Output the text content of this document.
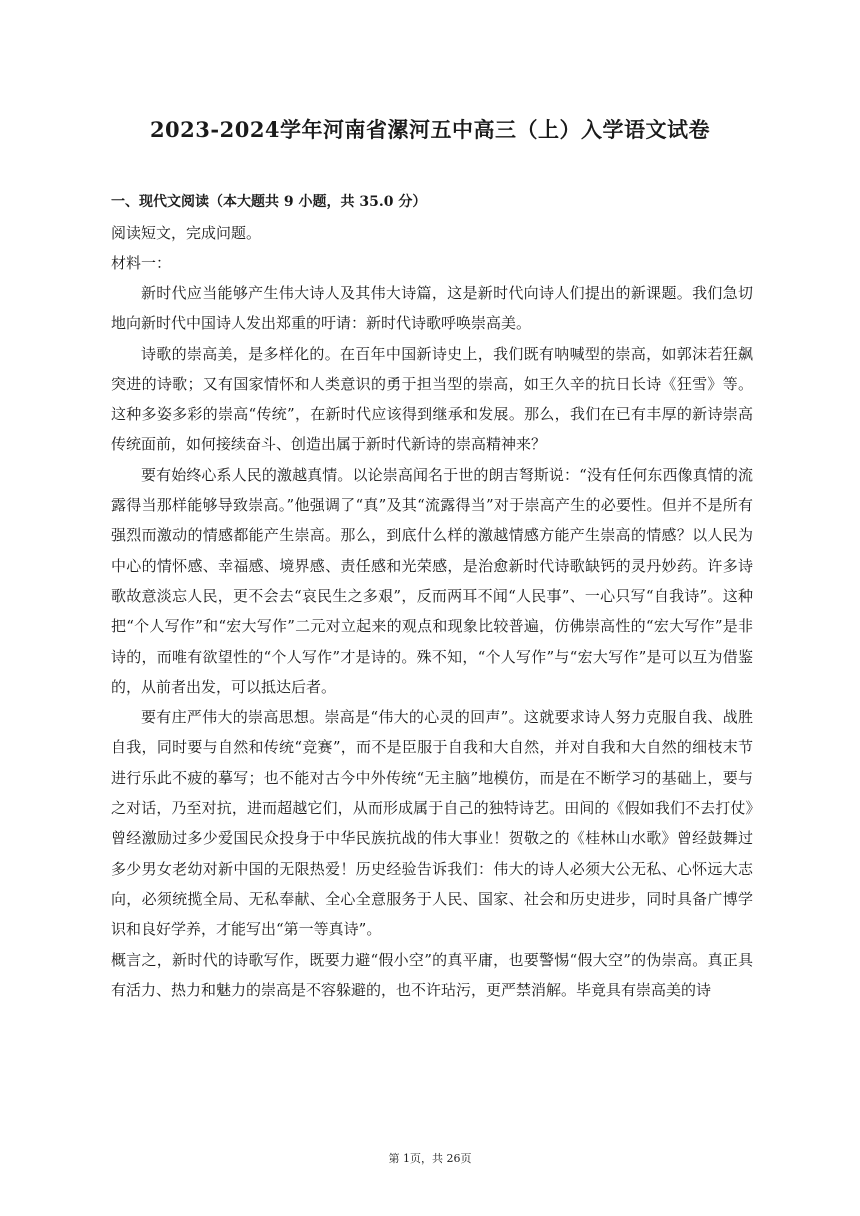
2023-2024学年河南省漯河五中高三（上）入学语文试卷

一、现代文阅读（本大题共 9 小题，共 35.0 分）

阅读短文，完成问题。

材料一：

新时代应当能够产生伟大诗人及其伟大诗篇，这是新时代向诗人们提出的新课题。我们急切地向新时代中国诗人发出郑重的吁请：新时代诗歌呼唤崇高美。

诗歌的崇高美，是多样化的。在百年中国新诗史上，我们既有呐喊型的崇高，如郭沫若狂飙突进的诗歌；又有国家情怀和人类意识的勇于担当型的崇高，如王久辛的抗日长诗《狂雪》等。这种多姿多彩的崇高“传统”，在新时代应该得到继承和发展。那么，我们在已有丰厚的新诗崇高传统面前，如何接续奋斗、创造出属于新时代新诗的崇高精神来？

要有始终心系人民的激越真情。以论崇高闻名于世的朗吉弩斯说：“没有任何东西像真情的流露得当那样能够导致崇高。”他强调了“真”及其“流露得当”对于崇高产生的必要性。但并不是所有强烈而激动的情感都能产生崇高。那么，到底什么样的激越情感方能产生崇高的情感？以人民为中心的情怀感、幸福感、境界感、责任感和光荣感，是治愈新时代诗歌缺钙的灵丹妙药。许多诗歌故意淡忘人民，更不会去“哀民生之多艰”，反而两耳不闻“人民事”、一心只写“自我诗”。这种把“个人写作”和“宏大写作”二元对立起来的观点和现象比较普遍，仿佛崇高性的“宏大写作”是非诗的，而唯有欲望性的“个人写作”才是诗的。殊不知，“个人写作”与“宏大写作”是可以互为借鉴的，从前者出发，可以抵达后者。

要有庄严伟大的崇高思想。崇高是“伟大的心灵的回声”。这就要求诗人努力克服自我、战胜自我，同时要与自然和传统“竞赛”，而不是臣服于自我和大自然，并对自我和大自然的细枝末节进行乐此不疲的摹写；也不能对古今中外传统“无主脑”地模仿，而是在不断学习的基础上，要与之对话，乃至对抗，进而超越它们，从而形成属于自己的独特诗艺。田间的《假如我们不去打仗》曾经激励过多少爱国民众投身于中华民族抗战的伟大事业！贺敬之的《桂林山水歌》曾经鼓舞过多少男女老幼对新中国的无限热爱！历史经验告诉我们：伟大的诗人必须大公无私、心怀远大志向，必须统揽全局、无私奉献、全心全意服务于人民、国家、社会和历史进步，同时具备广博学识和良好学养，才能写出“第一等真诗”。

概言之，新时代的诗歌写作，既要力避“假小空”的真平庸，也要警惕“假大空”的伪崇高。真正具有活力、热力和魅力的崇高是不容躲避的，也不许玷污，更严禁消解。毕竟具有崇高美的诗

第 1页，共 26页
